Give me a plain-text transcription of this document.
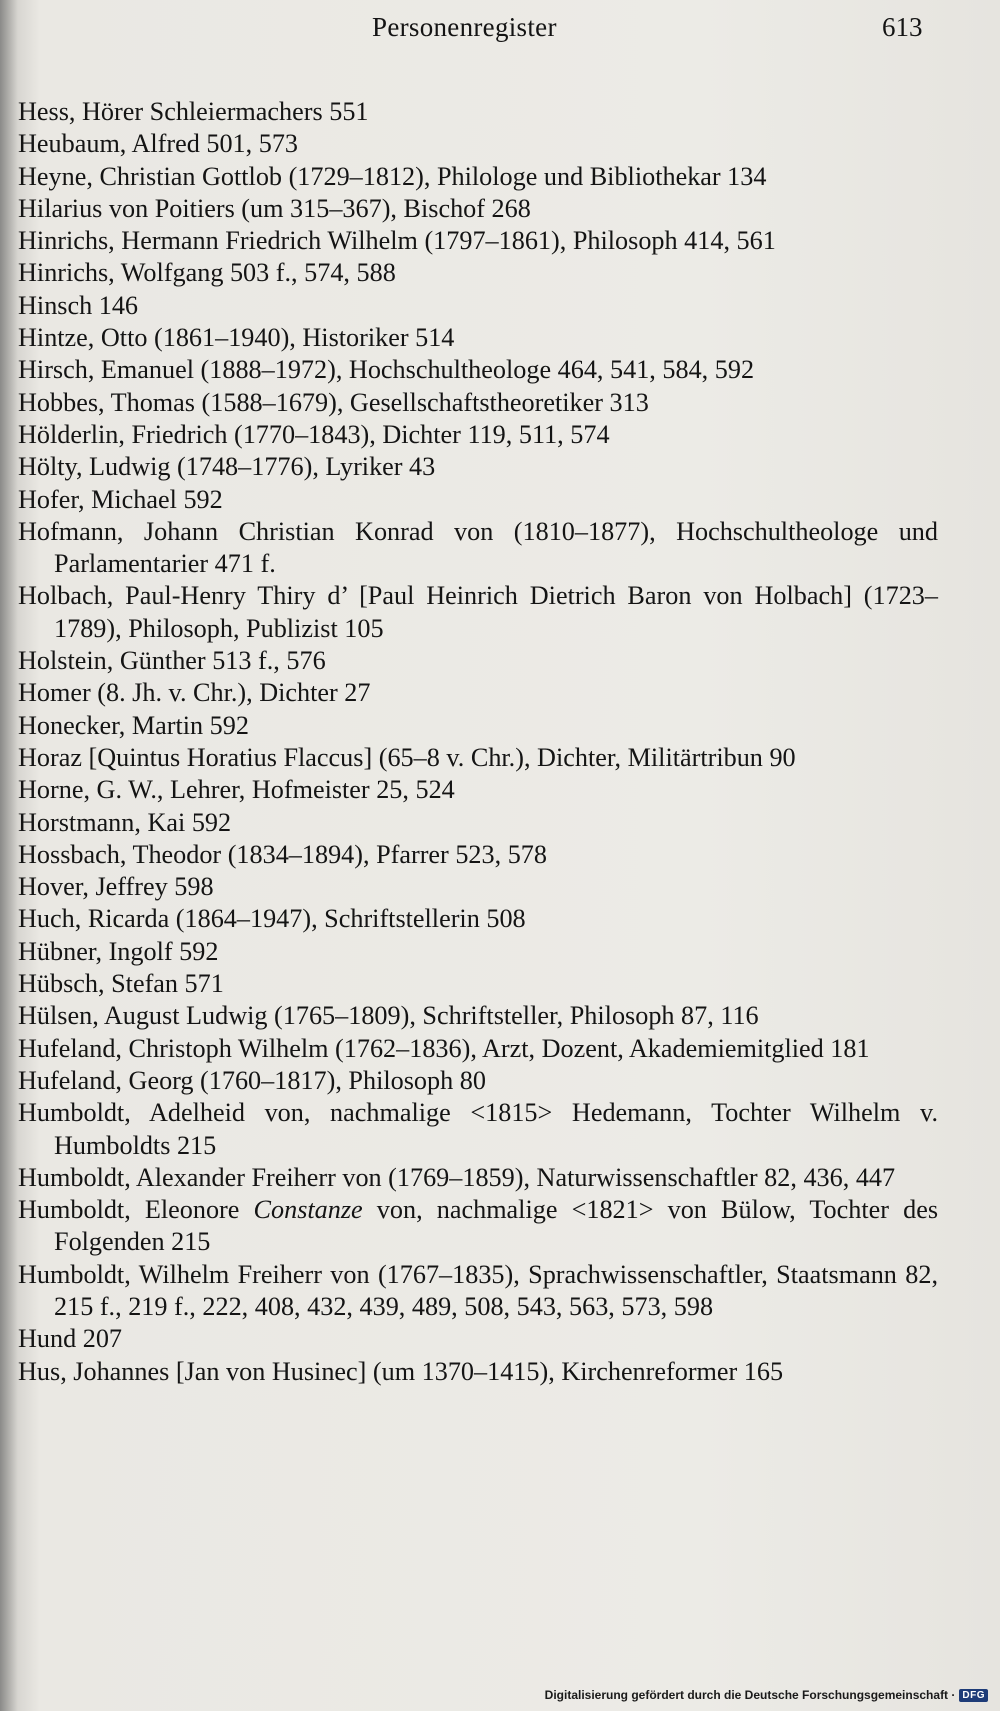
Personenregister	613
Hess, Hörer Schleiermachers 551
Heubaum, Alfred 501, 573
Heyne, Christian Gottlob (1729–1812), Philologe und Bibliothekar 134
Hilarius von Poitiers (um 315–367), Bischof 268
Hinrichs, Hermann Friedrich Wilhelm (1797–1861), Philosoph 414, 561
Hinrichs, Wolfgang 503 f., 574, 588
Hinsch 146
Hintze, Otto (1861–1940), Historiker 514
Hirsch, Emanuel (1888–1972), Hochschultheologe 464, 541, 584, 592
Hobbes, Thomas (1588–1679), Gesellschaftstheoretiker 313
Hölderlin, Friedrich (1770–1843), Dichter 119, 511, 574
Hölty, Ludwig (1748–1776), Lyriker 43
Hofer, Michael 592
Hofmann, Johann Christian Konrad von (1810–1877), Hochschultheologe und Parlamentarier 471 f.
Holbach, Paul-Henry Thiry d’ [Paul Heinrich Dietrich Baron von Holbach] (1723–1789), Philosoph, Publizist 105
Holstein, Günther 513 f., 576
Homer (8. Jh. v. Chr.), Dichter 27
Honecker, Martin 592
Horaz [Quintus Horatius Flaccus] (65–8 v. Chr.), Dichter, Militärtribun 90
Horne, G. W., Lehrer, Hofmeister 25, 524
Horstmann, Kai 592
Hossbach, Theodor (1834–1894), Pfarrer 523, 578
Hover, Jeffrey 598
Huch, Ricarda (1864–1947), Schriftstellerin 508
Hübner, Ingolf 592
Hübsch, Stefan 571
Hülsen, August Ludwig (1765–1809), Schriftsteller, Philosoph 87, 116
Hufeland, Christoph Wilhelm (1762–1836), Arzt, Dozent, Akademiemitglied 181
Hufeland, Georg (1760–1817), Philosoph 80
Humboldt, Adelheid von, nachmalige <1815> Hedemann, Tochter Wilhelm v. Humboldts 215
Humboldt, Alexander Freiherr von (1769–1859), Naturwissenschaftler 82, 436, 447
Humboldt, Eleonore Constanze von, nachmalige <1821> von Bülow, Tochter des Folgenden 215
Humboldt, Wilhelm Freiherr von (1767–1835), Sprachwissenschaftler, Staatsmann 82, 215 f., 219 f., 222, 408, 432, 439, 489, 508, 543, 563, 573, 598
Hund 207
Hus, Johannes [Jan von Husinec] (um 1370–1415), Kirchenreformer 165
Digitalisierung gefördert durch die Deutsche Forschungsgemeinschaft · DFG
